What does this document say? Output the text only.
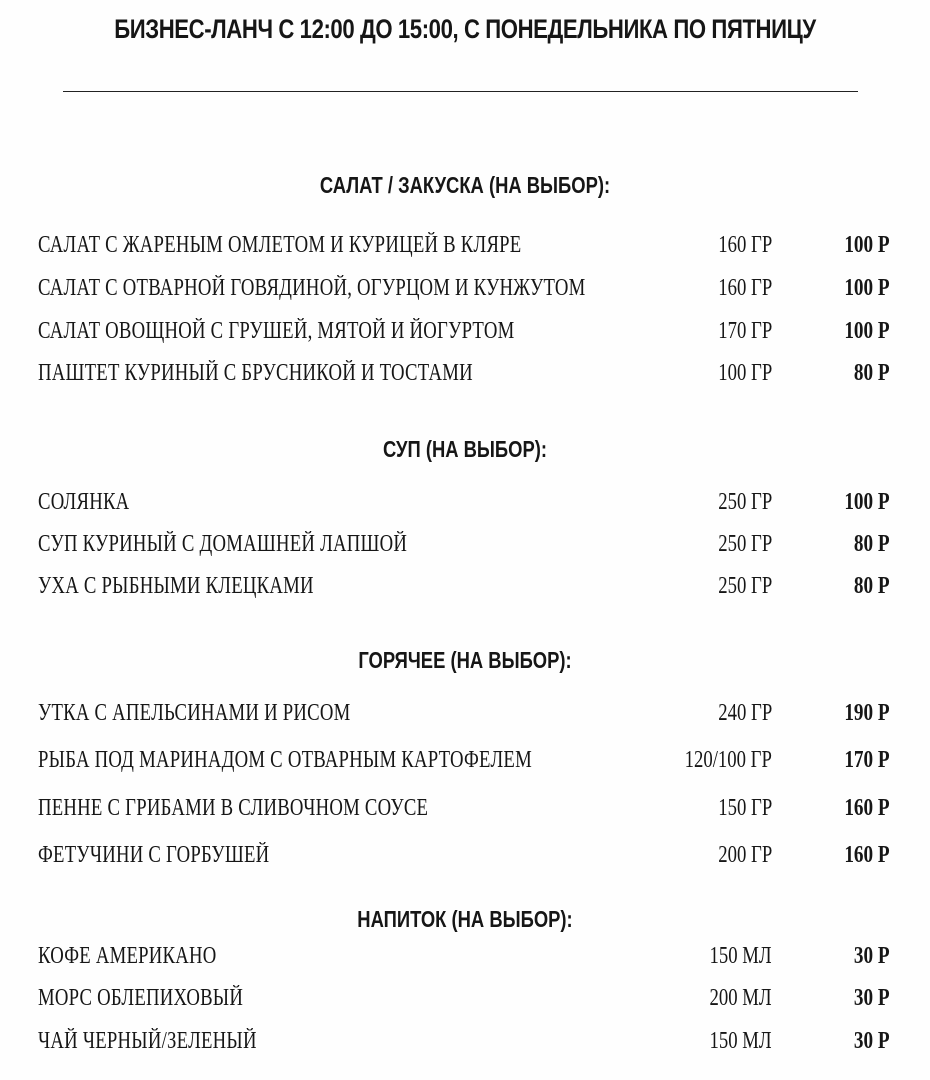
БИЗНЕС-ЛАНЧ С 12:00 ДО 15:00, С ПОНЕДЕЛЬНИКА ПО ПЯТНИЦУ
САЛАТ / ЗАКУСКА (НА ВЫБОР):
САЛАТ С ЖАРЕНЫМ ОМЛЕТОМ И КУРИЦЕЙ В КЛЯРЕ	160 ГР	100 Р
САЛАТ С ОТВАРНОЙ ГОВЯДИНОЙ, ОГУРЦОМ И КУНЖУТОМ	160 ГР	100 Р
САЛАТ ОВОЩНОЙ С ГРУШЕЙ, МЯТОЙ И ЙОГУРТОМ	170 ГР	100 Р
ПАШТЕТ КУРИНЫЙ С БРУСНИКОЙ И ТОСТАМИ	100 ГР	80 Р
СУП (НА ВЫБОР):
СОЛЯНКА	250 ГР	100 Р
СУП КУРИНЫЙ С ДОМАШНЕЙ ЛАПШОЙ	250 ГР	80 Р
УХА С РЫБНЫМИ КЛЕЦКАМИ	250 ГР	80 Р
ГОРЯЧЕЕ (НА ВЫБОР):
УТКА С АПЕЛЬСИНАМИ И РИСОМ	240 ГР	190 Р
РЫБА ПОД МАРИНАДОМ С ОТВАРНЫМ КАРТОФЕЛЕМ	120/100 ГР	170 Р
ПЕННЕ С ГРИБАМИ В СЛИВОЧНОМ СОУСЕ	150 ГР	160 Р
ФЕТУЧИНИ С ГОРБУШЕЙ	200 ГР	160 Р
НАПИТОК (НА ВЫБОР):
КОФЕ АМЕРИКАНО	150 МЛ	30 Р
МОРС ОБЛЕПИХОВЫЙ	200 МЛ	30 Р
ЧАЙ ЧЕРНЫЙ/ЗЕЛЕНЫЙ	150 МЛ	30 Р
